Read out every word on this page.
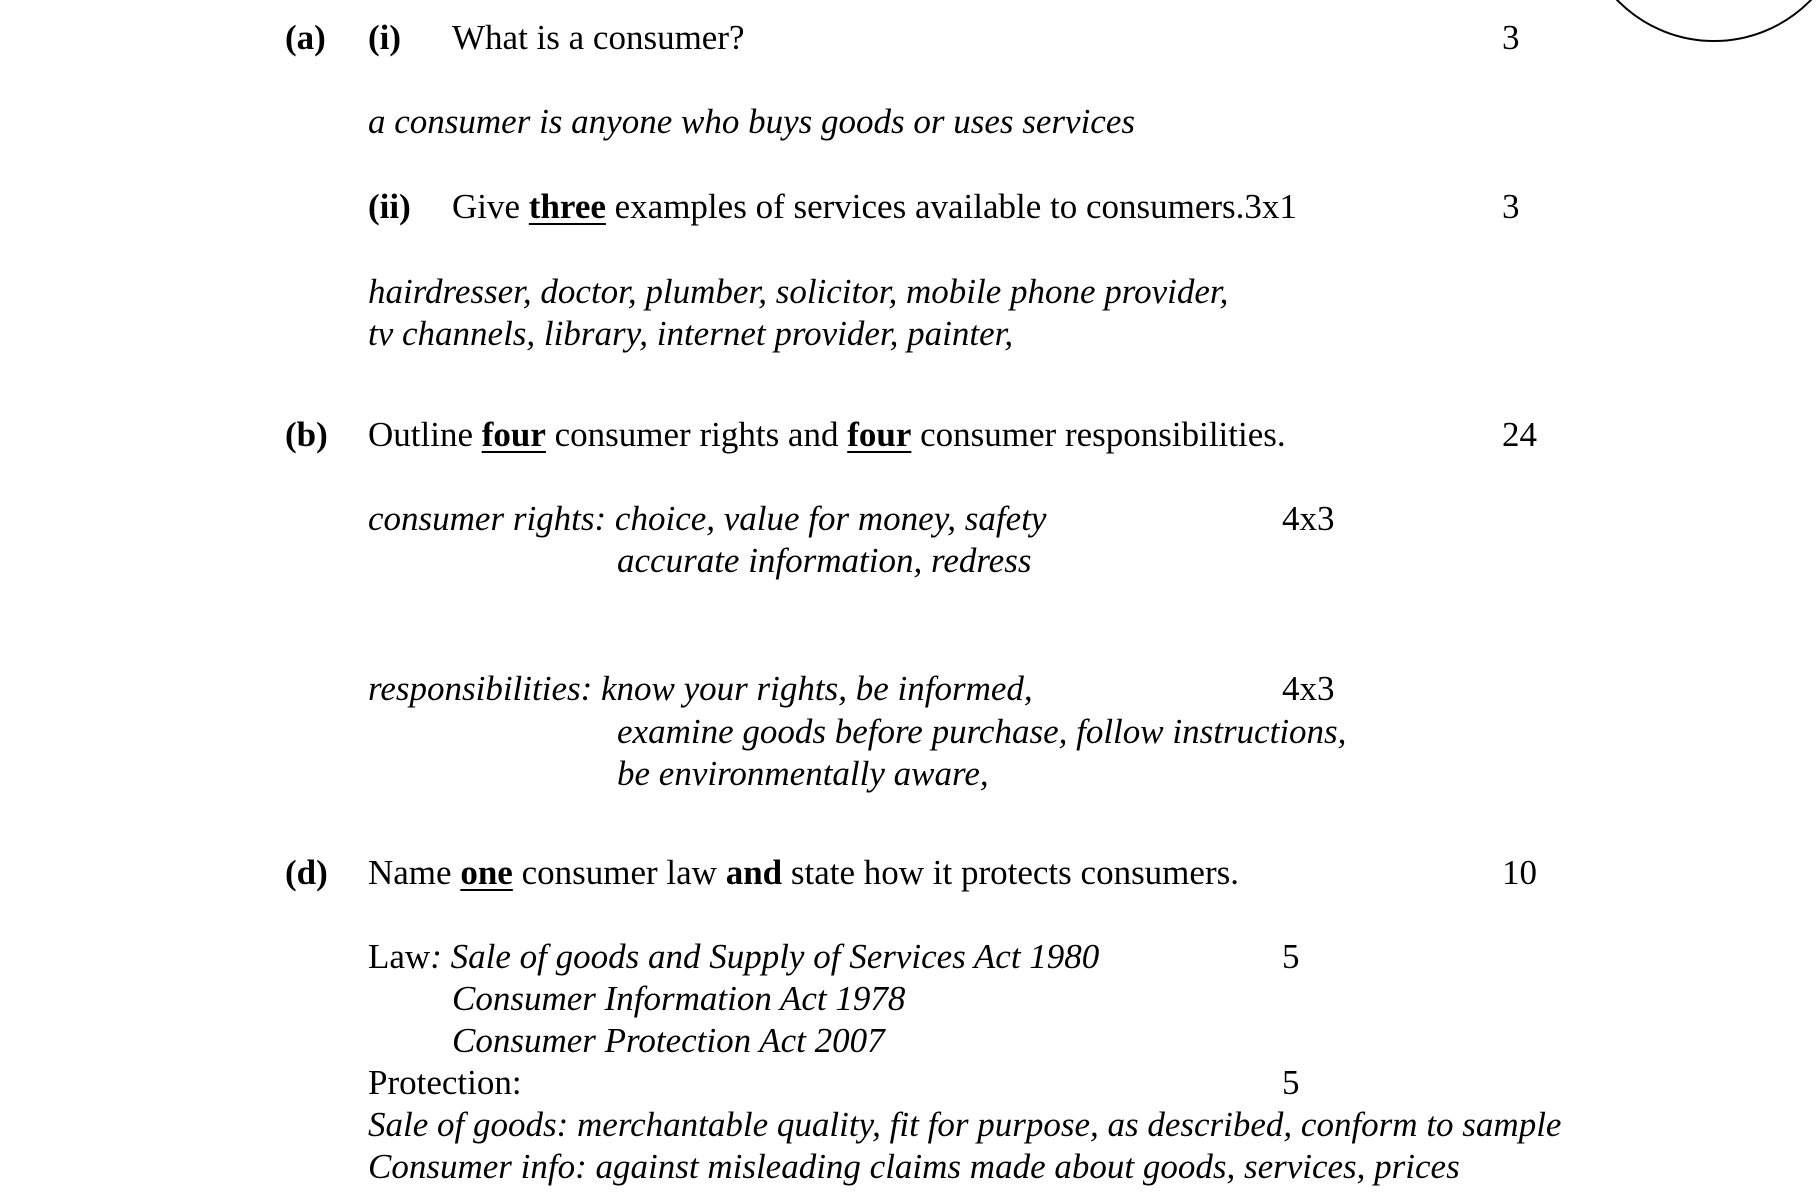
(a) (i) What is a consumer?	3
a consumer is anyone who buys goods or uses services
(ii) Give three examples of services available to consumers.3x1	3
hairdresser, doctor, plumber, solicitor, mobile phone provider,
tv channels, library, internet provider, painter,
(b) Outline four consumer rights and four consumer responsibilities.	24
consumer rights: choice, value for money, safety	4x3
accurate information, redress
responsibilities: know your rights, be informed,	4x3
examine goods before purchase, follow instructions,
be environmentally aware,
(d) Name one consumer law and state how it protects consumers.	10
Law: Sale of goods and Supply of Services Act 1980	5
Consumer Information Act 1978
Consumer Protection Act 2007
Protection:	5
Sale of goods: merchantable quality, fit for purpose, as described, conform to sample
Consumer info: against misleading claims made about goods, services, prices
